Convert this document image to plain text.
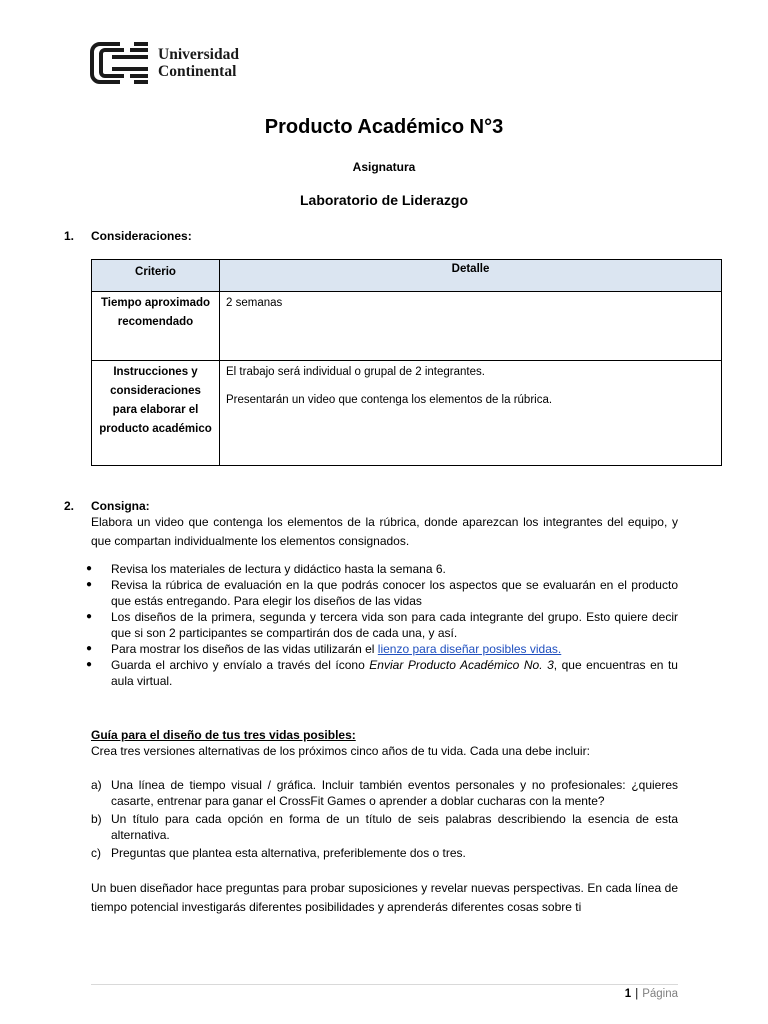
Universidad
Continental
Producto Académico N°3
Asignatura
Laboratorio de Liderazgo
1. Consideraciones:
Criterio	Detalle
Tiempo aproximado recomendado	2 semanas

Instrucciones y consideraciones para elaborar el producto académico	El trabajo será individual o grupal de 2 integrantes.
Presentarán un video que contenga los elementos de la rúbrica.
2. Consigna:
Elabora un video que contenga los elementos de la rúbrica, donde aparezcan los integrantes del equipo, y que compartan individualmente los elementos consignados.
● Revisa los materiales de lectura y didáctico hasta la semana 6.
● Revisa la rúbrica de evaluación en la que podrás conocer los aspectos que se evaluarán en el producto que estás entregando. Para elegir los diseños de las vidas
● Los diseños de la primera, segunda y tercera vida son para cada integrante del grupo. Esto quiere decir que si son 2 participantes se compartirán dos de cada una, y así.
● Para mostrar los diseños de las vidas utilizarán el lienzo para diseñar posibles vidas.
● Guarda el archivo y envíalo a través del ícono Enviar Producto Académico No. 3, que encuentras en tu aula virtual.
Guía para el diseño de tus tres vidas posibles:
Crea tres versiones alternativas de los próximos cinco años de tu vida. Cada una debe incluir:
a) Una línea de tiempo visual / gráfica. Incluir también eventos personales y no profesionales: ¿quieres casarte, entrenar para ganar el CrossFit Games o aprender a doblar cucharas con la mente?
b) Un título para cada opción en forma de un título de seis palabras describiendo la esencia de esta alternativa.
c) Preguntas que plantea esta alternativa, preferiblemente dos o tres.
Un buen diseñador hace preguntas para probar suposiciones y revelar nuevas perspectivas. En cada línea de tiempo potencial investigarás diferentes posibilidades y aprenderás diferentes cosas sobre ti
1 | Página
